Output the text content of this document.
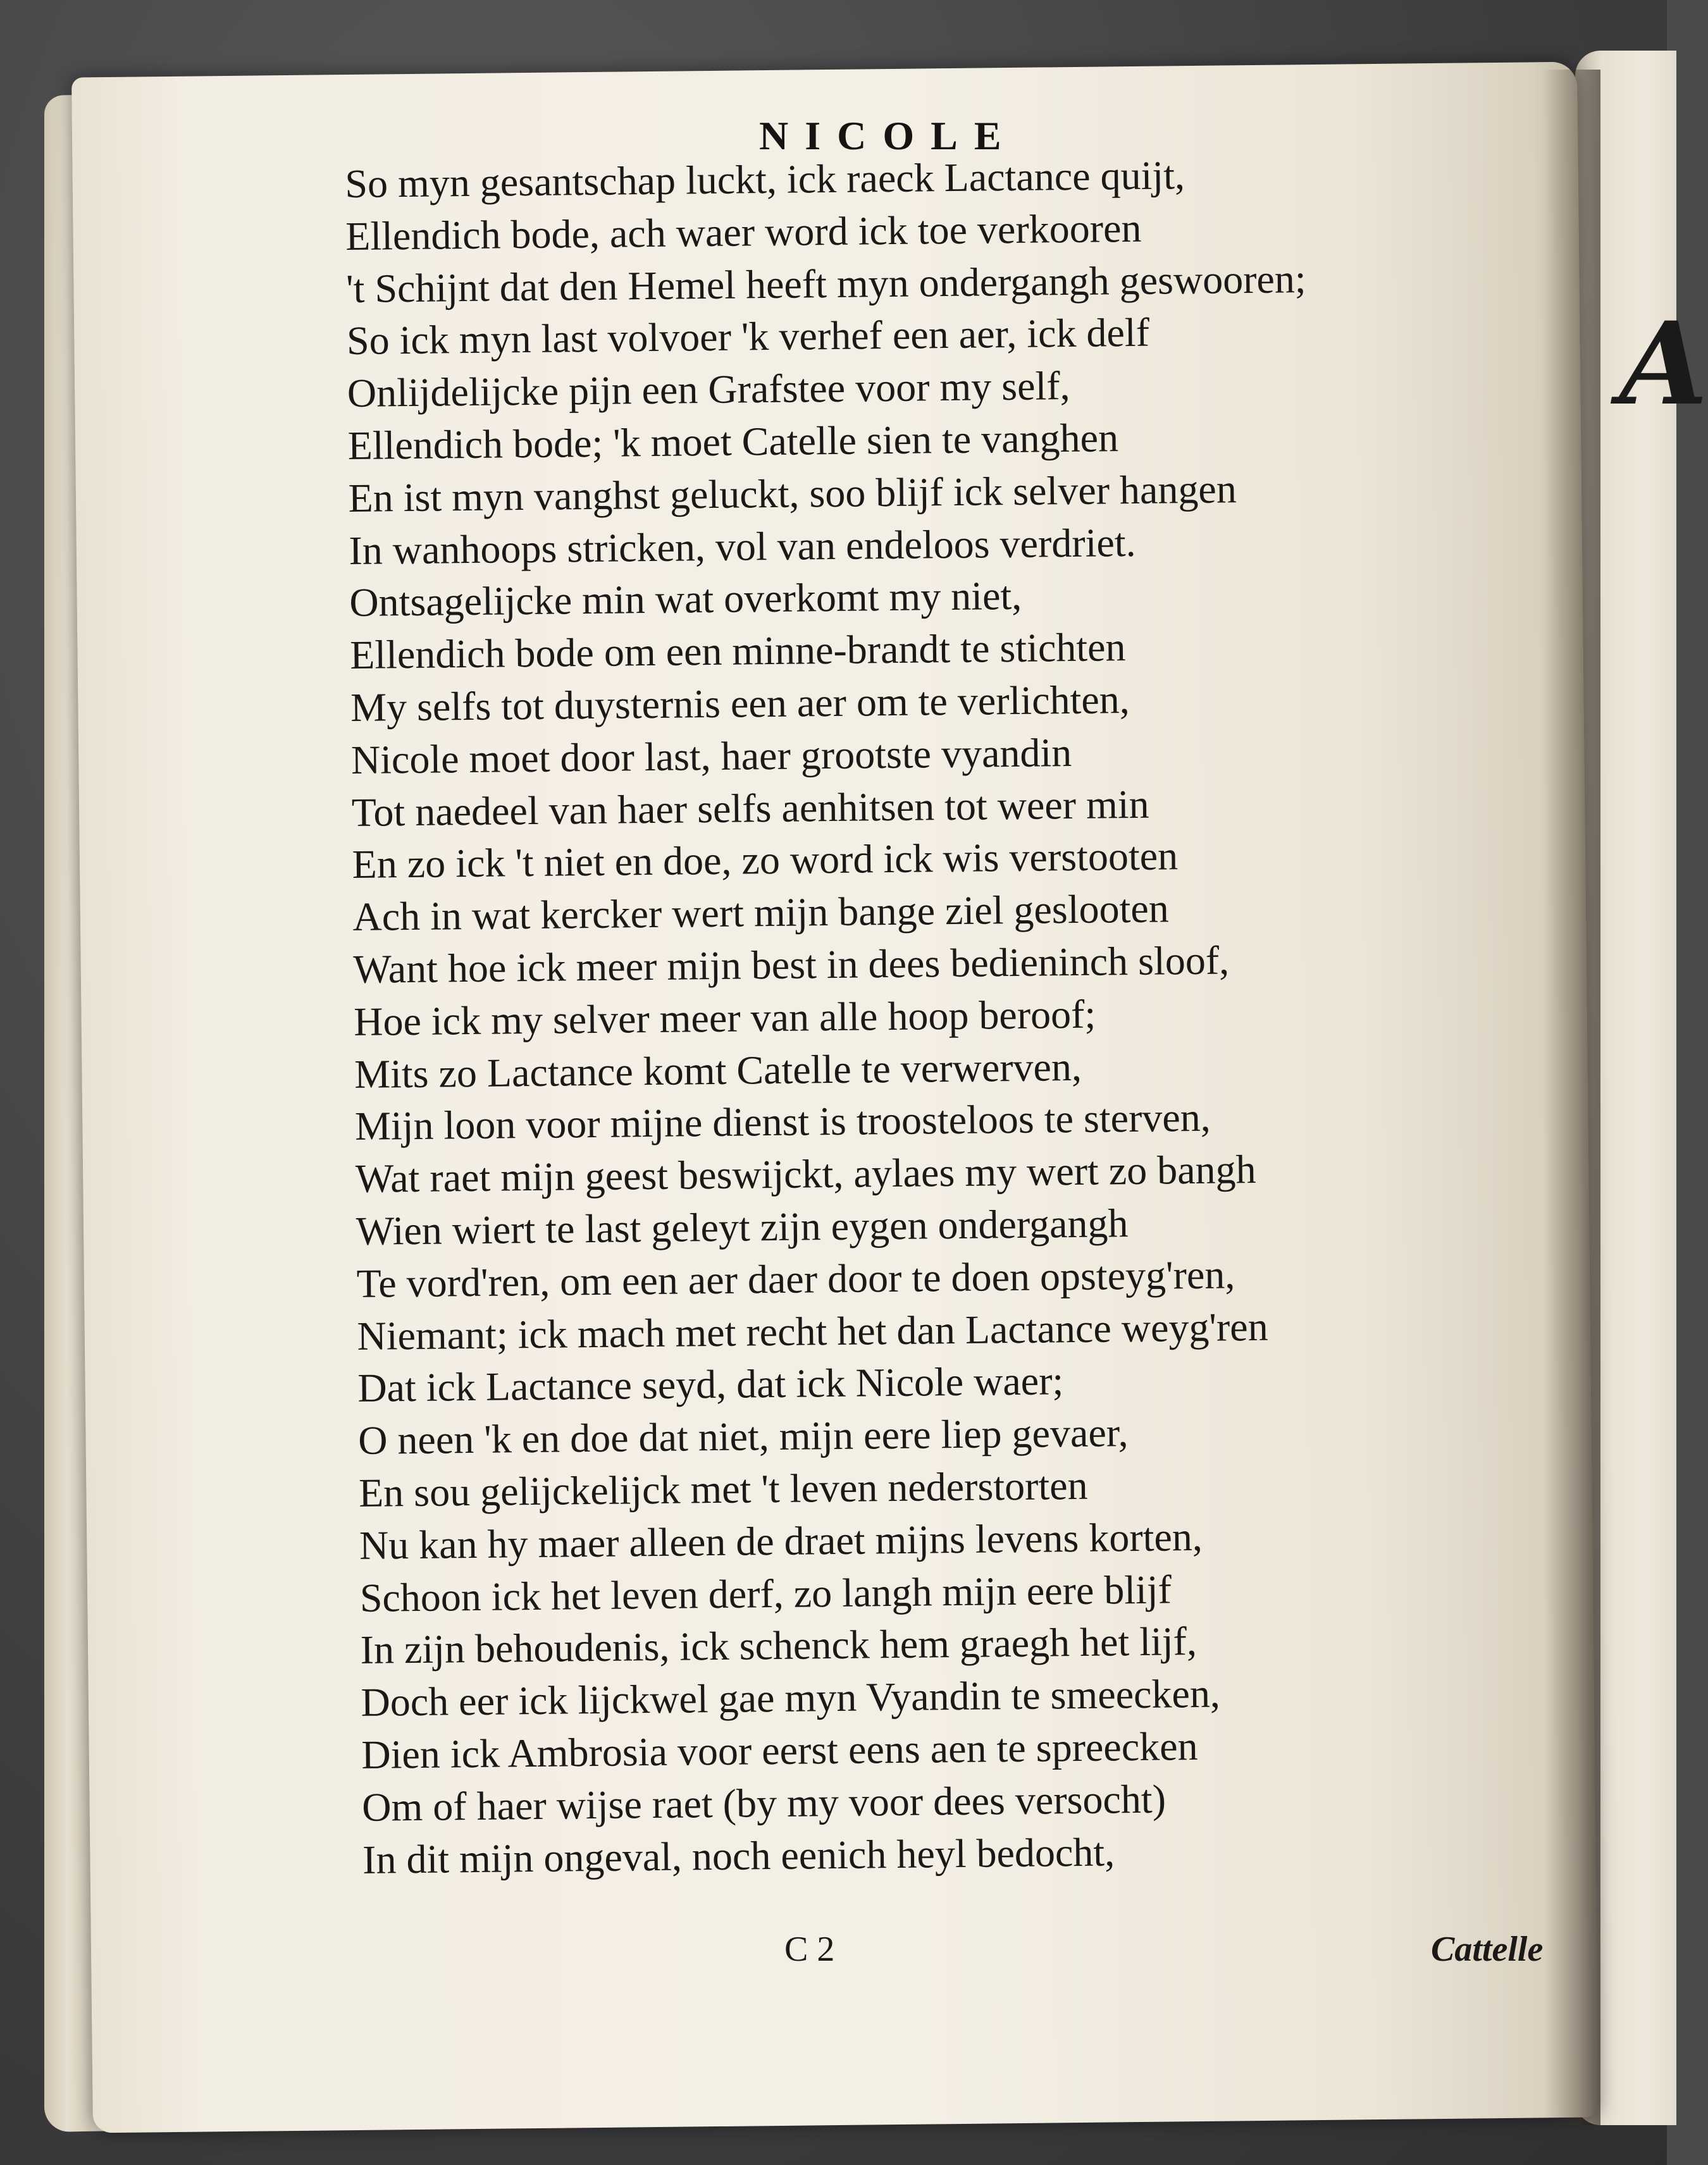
A
NICOLE
So myn gesantschap luckt, ick raeck Lactance quijt,
Ellendich bode, ach waer word ick toe verkooren
't Schijnt dat den Hemel heeft myn ondergangh geswooren;
So ick myn last volvoer 'k verhef een aer, ick delf
Onlijdelijcke pijn een Grafstee voor my self,
Ellendich bode; 'k moet Catelle sien te vanghen
En ist myn vanghst geluckt, soo blijf ick selver hangen
In wanhoops stricken, vol van endeloos verdriet.
Ontsagelijcke min wat overkomt my niet,
Ellendich bode om een minne-brandt te stichten
My selfs tot duysternis een aer om te verlichten,
Nicole moet door last, haer grootste vyandin
Tot naedeel van haer selfs aenhitsen tot weer min
En zo ick 't niet en doe, zo word ick wis verstooten
Ach in wat kercker wert mijn bange ziel geslooten
Want hoe ick meer mijn best in dees bedieninch sloof,
Hoe ick my selver meer van alle hoop beroof;
Mits zo Lactance komt Catelle te verwerven,
Mijn loon voor mijne dienst is troosteloos te sterven,
Wat raet mijn geest beswijckt, aylaes my wert zo bangh
Wien wiert te last geleyt zijn eygen ondergangh
Te vord'ren, om een aer daer door te doen opsteyg'ren,
Niemant; ick mach met recht het dan Lactance weyg'ren
Dat ick Lactance seyd, dat ick Nicole waer;
O neen 'k en doe dat niet, mijn eere liep gevaer,
En sou gelijckelijck met 't leven nederstorten
Nu kan hy maer alleen de draet mijns levens korten,
Schoon ick het leven derf, zo langh mijn eere blijf
In zijn behoudenis, ick schenck hem graegh het lijf,
Doch eer ick lijckwel gae myn Vyandin te smeecken,
Dien ick Ambrosia voor eerst eens aen te spreecken
Om of haer wijse raet (by my voor dees versocht)
In dit mijn ongeval, noch eenich heyl bedocht,
C 2	Cattelle
